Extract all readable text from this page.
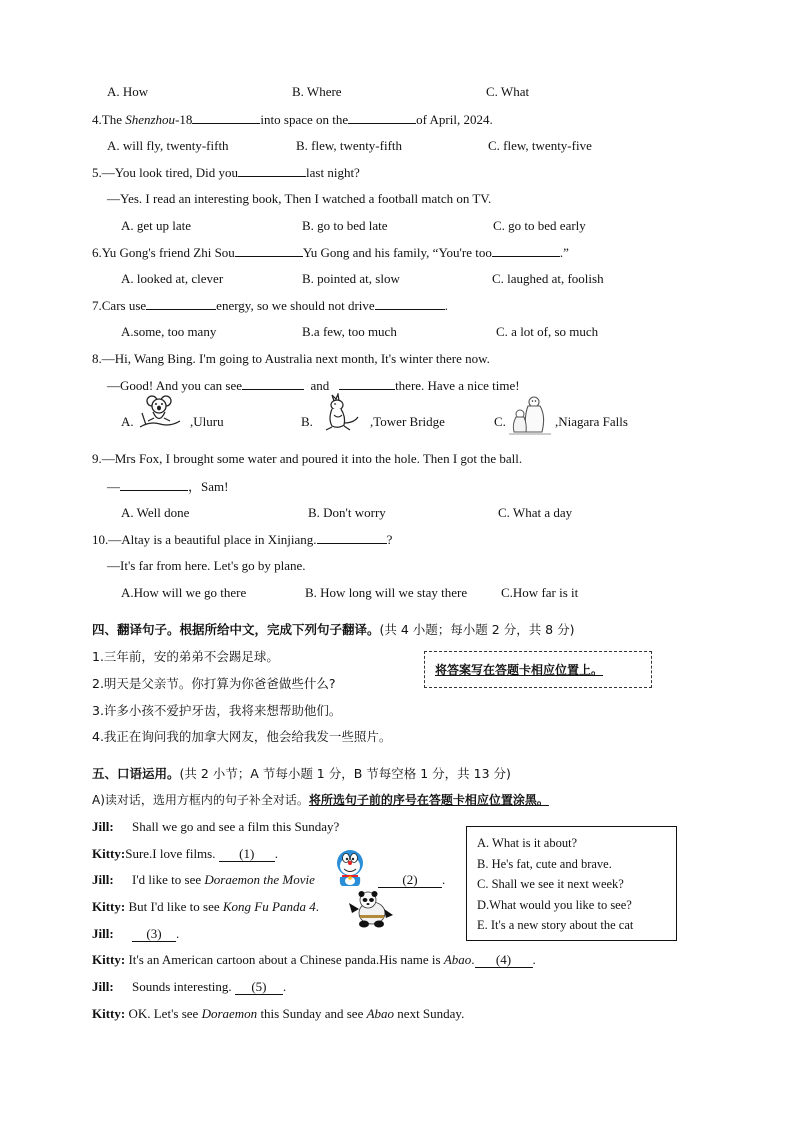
A. How	B. Where	C. What
4.The Shenzhou-18	into space on the	of April, 2024.
A. will fly, twenty-fifth	B. flew, twenty-fifth	C. flew, twenty-five
5.—You look tired, Did you	last night?
—Yes. I read an interesting book, Then I watched a football match on TV.
A. get up late	B. go to bed late	C. go to bed early
6.Yu Gong's friend Zhi Sou	Yu Gong and his family, “You're too	.”
A. looked at, clever	B. pointed at, slow	C. laughed at, foolish
7.Cars use	energy, so we should not drive	.
A.some, too many	B.a few, too much	C. a lot of, so much
8.—Hi, Wang Bing. I'm going to Australia next month, It's winter there now.
—Good! And you can see	and	there. Have a nice time!
A.	,Uluru	B.	,Tower Bridge	C.	,Niagara Falls
9.—Mrs Fox, I brought some water and poured it into the hole. Then I got the ball.
—	，Sam!
A. Well done	B. Don't worry	C. What a day
10.—Altay is a beautiful place in Xinjiang.	?
—It's far from here. Let's go by plane.
A.How will we go there	B. How long will we stay there	C.How far is it
四、翻译句子。根据所给中文，完成下列句子翻译。(共 4 小题；每小题 2 分，共 8 分)
1.三年前，安的弟弟不会踢足球。
2.明天是父亲节。你打算为你爸爸做些什么?
3.许多小孩不爱护牙齿，我将来想帮助他们。
4.我正在询问我的加拿大网友，他会给我发一些照片。
将答案写在答题卡相应位置上。
五、口语运用。(共 2 小节；A 节每小题 1 分，B 节每空格 1 分，共 13 分)
A)读对话，选用方框内的句子补全对话。将所选句子前的序号在答题卡相应位置涂黑。
A. What is it about?
B. He's fat, cute and brave.
C. Shall we see it next week?
D.What would you like to see?
E. It's a new story about the cat
Jill: Shall we go and see a film this Sunday?
Kitty:Sure.I love films. (1) .
Jill: I'd like to see Doraemon the Movie	(2) .
Kitty: But I'd like to see Kong Fu Panda 4.
Jill:	(3) .
Kitty: It's an American cartoon about a Chinese panda.His name is Abao. (4) .
Jill: Sounds interesting. (5) .
Kitty: OK. Let's see Doraemon this Sunday and see Abao next Sunday.
